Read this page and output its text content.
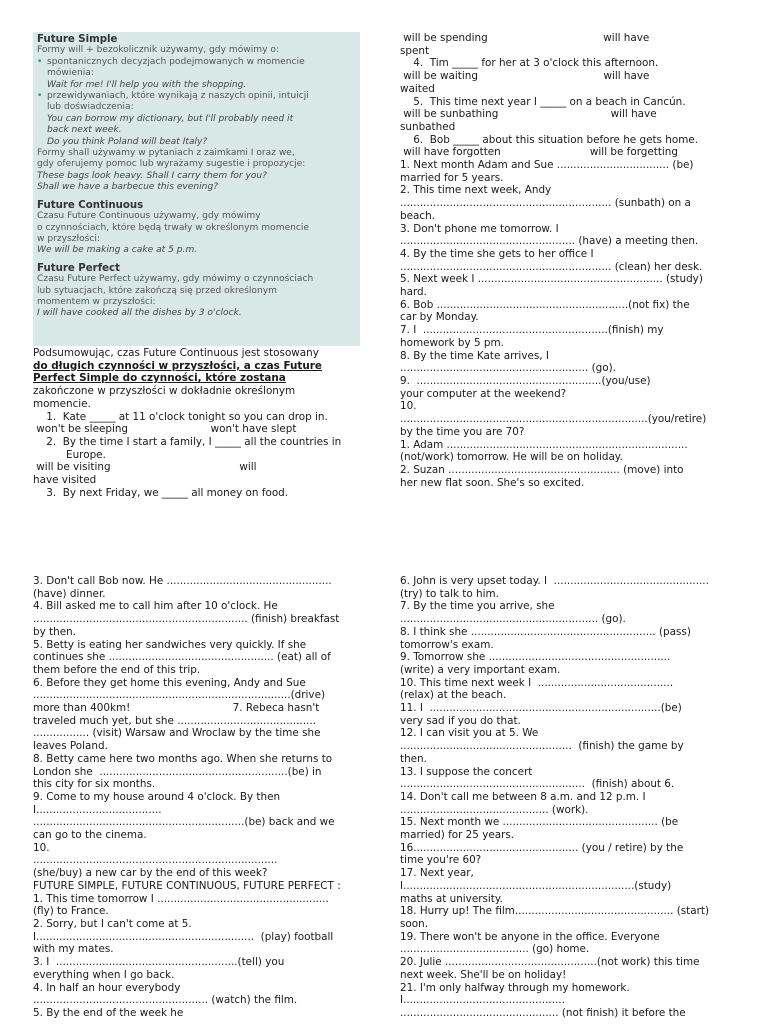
Future Simple
Formy will + bezokolicznik używamy, gdy mówimy o:
• spontanicznych decyzjach podejmowanych w momencie
mówienia:
Wait for me! I'll help you with the shopping.
• przewidywaniach, które wynikają z naszych opinii, intuicji
lub doświadczenia:
You can borrow my dictionary, but I'll probably need it
back next week.
Do you think Poland will beat Italy?
Formy shall używamy w pytaniach z zaimkami I oraz we,
gdy oferujemy pomoc lub wyrażamy sugestie i propozycje:
These bags look heavy. Shall I carry them for you?
Shall we have a barbecue this evening?
Future Continuous
Czasu Future Continuous używamy, gdy mówimy
o czynnościach, które będą trwały w określonym momencie
w przyszłości:
We will be making a cake at 5 p.m.
Future Perfect
Czasu Future Perfect używamy, gdy mówimy o czynnościach
lub sytuacjach, które zakończą się przed określonym
momentem w przyszłości:
I will have cooked all the dishes by 3 o'clock.
Podsumowując, czas Future Continuous jest stosowany
do długich czynności w przyszłości, a czas Future
Perfect Simple do czynności, które zostana
zakończone w przyszłości w dokładnie określonym
momencie.
1.  Kate _____ at 11 o'clock tonight so you can drop in.
won't be sleeping                         won't have slept
2.  By the time I start a family, I _____ all the countries in
Europe.
will be visiting                                       will
have visited
3.  By next Friday, we _____ all money on food.
will be spending                                   will have
spent
4.  Tim _____ for her at 3 o'clock this afternoon.
will be waiting                                      will have
waited
5.  This time next year I _____ on a beach in Cancún.
will be sunbathing                                  will have
sunbathed
6.  Bob _____ about this situation before he gets home.
will have forgotten                           will be forgetting
1. Next month Adam and Sue .................................. (be)
married for 5 years.
2. This time next week, Andy
................................................................ (sunbath) on a
beach.
3. Don't phone me tomorrow. I
..................................................... (have) a meeting then.
4. By the time she gets to her office I
................................................................ (clean) her desk.
5. Next week I ........................................................ (study)
hard.
6. Bob ..........................................................(not fix) the
car by Monday.
7. I  ........................................................(finish) my
homework by 5 pm.
8. By the time Kate arrives, I
......................................................... (go).
9.  ........................................................(you/use)
your computer at the weekend?
10.
...........................................................................(you/retire)
by the time you are 70?
1. Adam .........................................................................
(not/work) tomorrow. He will be on holiday.
2. Suzan .................................................... (move) into
her new flat soon. She's so excited.
3. Don't call Bob now. He ..................................................
(have) dinner.
4. Bill asked me to call him after 10 o'clock. He
................................................................. (finish) breakfast
by then.
5. Betty is eating her sandwiches very quickly. If she
continues she .................................................. (eat) all of
them before the end of this trip.
6. Before they get home this evening, Andy and Sue
..............................................................................(drive)
more than 400km!                               7. Rebeca hasn't
traveled much yet, but she ..........................................
................. (visit) Warsaw and Wroclaw by the time she
leaves Poland.
8. Betty came here two months ago. When she returns to
London she  .........................................................(be) in
this city for six months.
9. Come to my house around 4 o'clock. By then
I......................................
................................................................(be) back and we
can go to the cinema.
10.
..........................................................................
(she/buy) a new car by the end of this week?
FUTURE SIMPLE, FUTURE CONTINUOUS, FUTURE PERFECT :
1. This time tomorrow I ....................................................
(fly) to France.
2. Sorry, but I can't come at 5.
I..................................................................  (play) football
with my mates.
3. I  .......................................................(tell) you
everything when I go back.
4. In half an hour everybody
..................................................... (watch) the film.
5. By the end of the week he
6. John is very upset today. I  ...............................................
(try) to talk to him.
7. By the time you arrive, she
............................................................ (go).
8. I think she ........................................................ (pass)
tomorrow's exam.
9. Tomorrow she .......................................................
(write) a very important exam.
10. This time next week I  .........................................
(relax) at the beach.
11. I  ......................................................................(be)
very sad if you do that.
12. I can visit you at 5. We
....................................................  (finish) the game by
then.
13. I suppose the concert
........................................................  (finish) about 6.
14. Don't call me between 8 a.m. and 12 p.m. I
............................................. (work).
15. Next month we ............................................... (be
married) for 25 years.
16.................................................. (you / retire) by the
time you're 60?
17. Next year,
I......................................................................(study)
maths at university.
18. Hurry up! The film................................................ (start)
soon.
19. There won't be anyone in the office. Everyone
....................................... (go) home.
20. Julie ..............................................(not work) this time
next week. She'll be on holiday!
21. I'm only halfway through my homework.
I.................................................
................................................ (not finish) it before the
